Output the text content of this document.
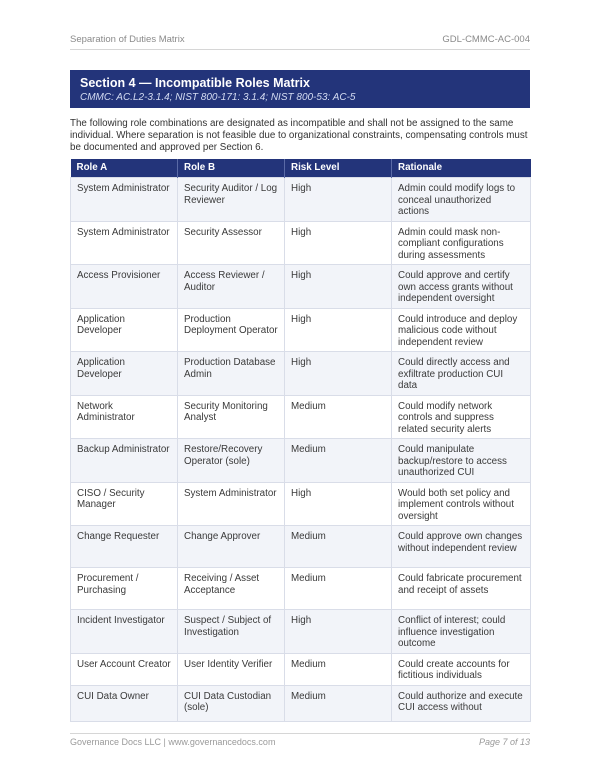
Separation of Duties Matrix	GDL-CMMC-AC-004
Section 4 — Incompatible Roles Matrix
CMMC: AC.L2-3.1.4; NIST 800-171: 3.1.4; NIST 800-53: AC-5

The following role combinations are designated as incompatible and shall not be assigned to the same individual. Where separation is not feasible due to organizational constraints, compensating controls must be documented and approved per Section 6.

Role A	Role B	Risk Level	Rationale
System Administrator	Security Auditor / Log Reviewer	High	Admin could modify logs to conceal unauthorized actions
System Administrator	Security Assessor	High	Admin could mask non-compliant configurations during assessments
Access Provisioner	Access Reviewer / Auditor	High	Could approve and certify own access grants without independent oversight
Application Developer	Production Deployment Operator	High	Could introduce and deploy malicious code without independent review
Application Developer	Production Database Admin	High	Could directly access and exfiltrate production CUI data
Network Administrator	Security Monitoring Analyst	Medium	Could modify network controls and suppress related security alerts
Backup Administrator	Restore/Recovery Operator (sole)	Medium	Could manipulate backup/restore to access unauthorized CUI
CISO / Security Manager	System Administrator	High	Would both set policy and implement controls without oversight
Change Requester	Change Approver	Medium	Could approve own changes without independent review
Procurement / Purchasing	Receiving / Asset Acceptance	Medium	Could fabricate procurement and receipt of assets
Incident Investigator	Suspect / Subject of Investigation	High	Conflict of interest; could influence investigation outcome
User Account Creator	User Identity Verifier	Medium	Could create accounts for fictitious individuals
CUI Data Owner	CUI Data Custodian (sole)	Medium	Could authorize and execute CUI access without
Governance Docs LLC | www.governancedocs.com	Page 7 of 13
